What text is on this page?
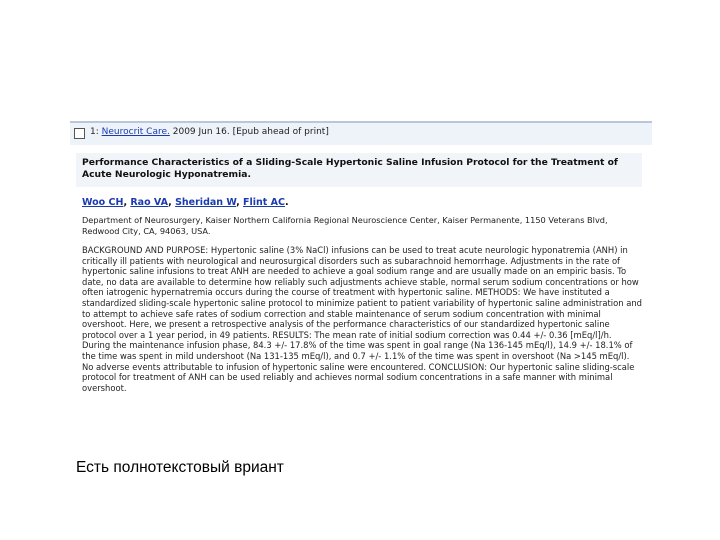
1: Neurocrit Care. 2009 Jun 16. [Epub ahead of print]
Performance Characteristics of a Sliding-Scale Hypertonic Saline Infusion Protocol for the Treatment of Acute Neurologic Hyponatremia.
Woo CH, Rao VA, Sheridan W, Flint AC.
Department of Neurosurgery, Kaiser Northern California Regional Neuroscience Center, Kaiser Permanente, 1150 Veterans Blvd, Redwood City, CA, 94063, USA.
BACKGROUND AND PURPOSE: Hypertonic saline (3% NaCl) infusions can be used to treat acute neurologic hyponatremia (ANH) in critically ill patients with neurological and neurosurgical disorders such as subarachnoid hemorrhage. Adjustments in the rate of hypertonic saline infusions to treat ANH are needed to achieve a goal sodium range and are usually made on an empiric basis. To date, no data are available to determine how reliably such adjustments achieve stable, normal serum sodium concentrations or how often iatrogenic hypernatremia occurs during the course of treatment with hypertonic saline. METHODS: We have instituted a standardized sliding-scale hypertonic saline protocol to minimize patient to patient variability of hypertonic saline administration and to attempt to achieve safe rates of sodium correction and stable maintenance of serum sodium concentration with minimal overshoot. Here, we present a retrospective analysis of the performance characteristics of our standardized hypertonic saline protocol over a 1 year period, in 49 patients. RESULTS: The mean rate of initial sodium correction was 0.44 +/- 0.36 [mEq/l]/h. During the maintenance infusion phase, 84.3 +/- 17.8% of the time was spent in goal range (Na 136-145 mEq/l), 14.9 +/- 18.1% of the time was spent in mild undershoot (Na 131-135 mEq/l), and 0.7 +/- 1.1% of the time was spent in overshoot (Na >145 mEq/l). No adverse events attributable to infusion of hypertonic saline were encountered. CONCLUSION: Our hypertonic saline sliding-scale protocol for treatment of ANH can be used reliably and achieves normal sodium concentrations in a safe manner with minimal overshoot.
Есть полнотекстовый вриант
